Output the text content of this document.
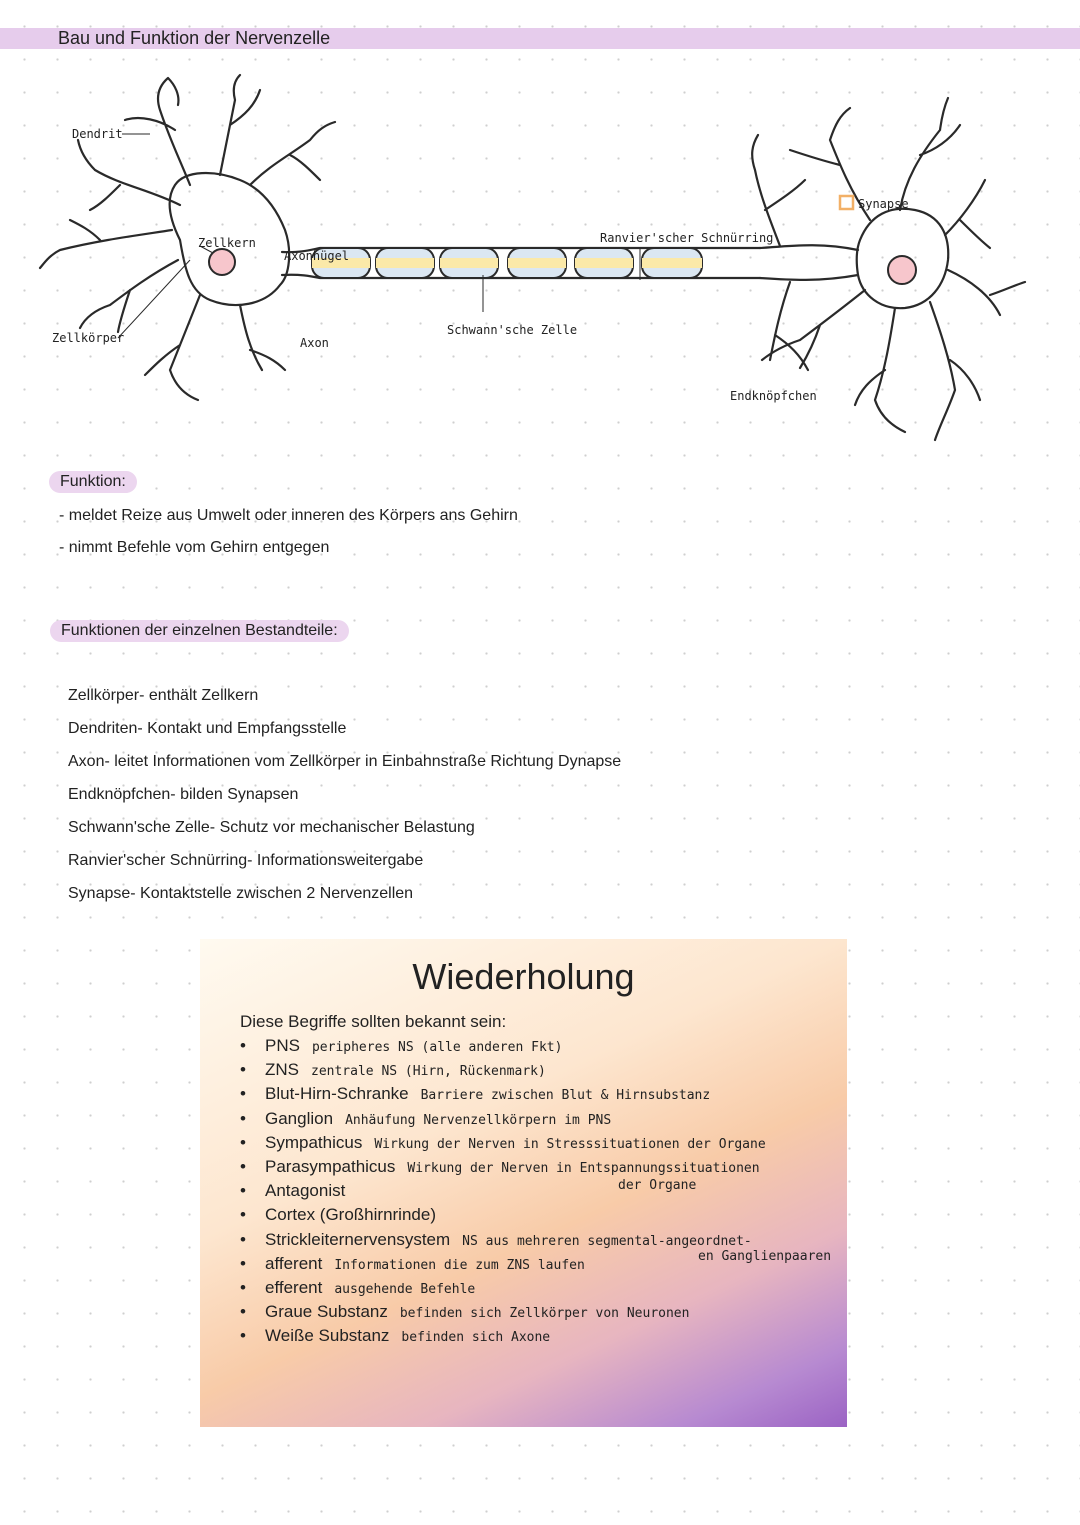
Bau und Funktion der Nervenzelle
Dendrit
Zellkern
Axonhügel
Zellkörper	Axon
Schwann'sche Zelle
Ranvier'scher Schnürring
Synapse
Endknöpfchen
Funktion:
- meldet Reize aus Umwelt oder inneren des Körpers ans Gehirn
- nimmt Befehle vom Gehirn entgegen
Funktionen der einzelnen Bestandteile:
Zellkörper- enthält Zellkern
Dendriten- Kontakt und Empfangsstelle
Axon- leitet Informationen vom Zellkörper in Einbahnstraße Richtung Dynapse
Endknöpfchen- bilden Synapsen
Schwann'sche Zelle- Schutz vor mechanischer Belastung
Ranvier'scher Schnürring- Informationsweitergabe
Synapse- Kontaktstelle zwischen 2 Nervenzellen
Wiederholung
Diese Begriffe sollten bekannt sein:
• PNS peripheres NS (alle anderen Fkt)
• ZNS zentrale NS (Hirn, Rückenmark)
• Blut-Hirn-Schranke Barriere zwischen Blut & Hirnsubstanz
• Ganglion Anhäufung Nervenzellkörpern im PNS
• Sympathicus Wirkung der Nerven in Stresssituationen der Organe
• Parasympathicus Wirkung der Nerven in Entspannungssituationen
• Antagonist
• Cortex (Großhirnrinde)
• Strickleiternervensystem NS aus mehreren segmental-angeordnet-
• afferent Informationen die zum ZNS laufen
• efferent ausgehende Befehle
• Graue Substanz befinden sich Zellkörper von Neuronen
• Weiße Substanz befinden sich Axone
der Organe
en Ganglienpaaren
